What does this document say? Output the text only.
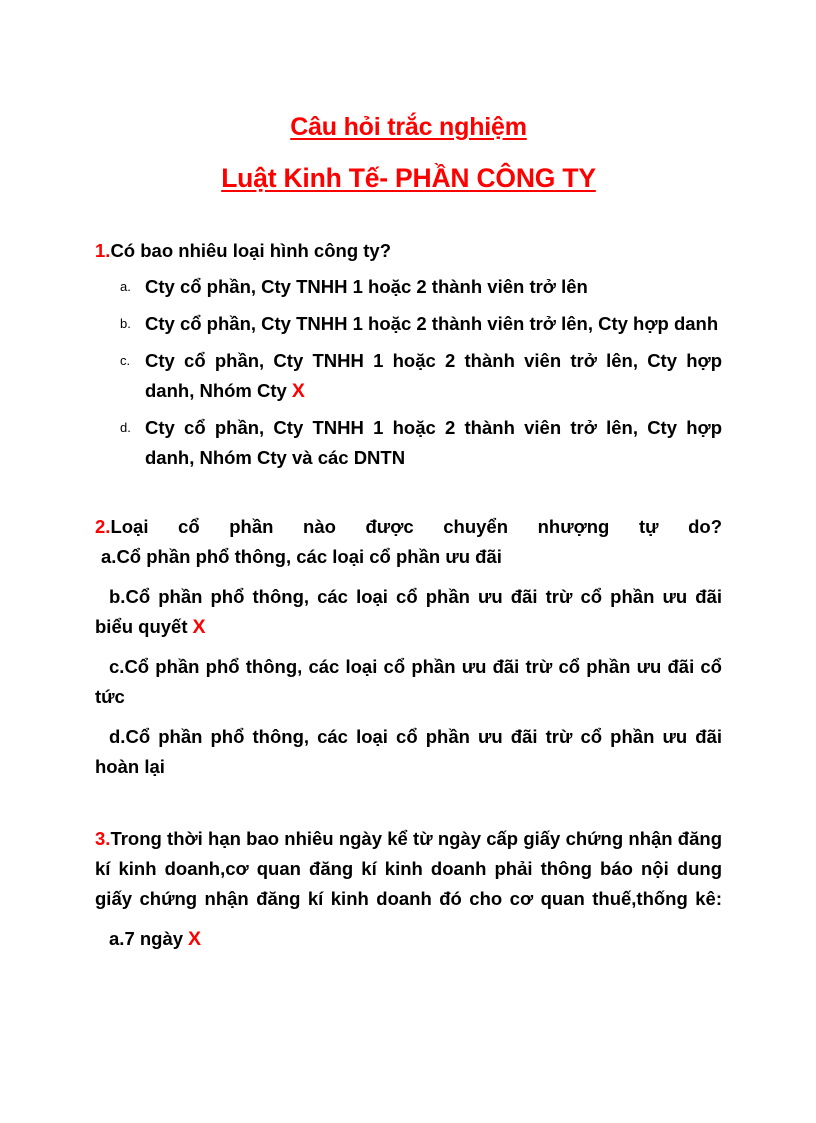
Câu hỏi trắc nghiệm
Luật Kinh Tế- PHẦN CÔNG TY
1.Có bao nhiêu loại hình công ty?
a. Cty cổ phần, Cty TNHH 1 hoặc 2 thành viên trở lên
b. Cty cổ phần, Cty TNHH 1 hoặc 2 thành viên trở lên, Cty hợp danh
c. Cty cổ phần, Cty TNHH 1 hoặc 2 thành viên trở lên, Cty hợp danh, Nhóm Cty X
d. Cty cổ phần, Cty TNHH 1 hoặc 2 thành viên trở lên, Cty hợp danh, Nhóm Cty và các DNTN
2.Loại cổ phần nào được chuyển nhượng tự do?

a.Cổ phần phổ thông, các loại cổ phần ưu đãi

b.Cổ phần phổ thông, các loại cổ phần ưu đãi trừ cổ phần ưu đãi biểu quyết X

c.Cổ phần phổ thông, các loại cổ phần ưu đãi trừ cổ phần ưu đãi cổ tức

d.Cổ phần phổ thông, các loại cổ phần ưu đãi trừ cổ phần ưu đãi hoàn lại

3.Trong thời hạn bao nhiêu ngày kể từ ngày cấp giấy chứng nhận đăng kí kinh doanh,cơ quan đăng kí kinh doanh phải thông báo nội dung giấy chứng nhận đăng kí kinh doanh đó cho cơ quan thuế,thống kê:

a.7 ngày X
